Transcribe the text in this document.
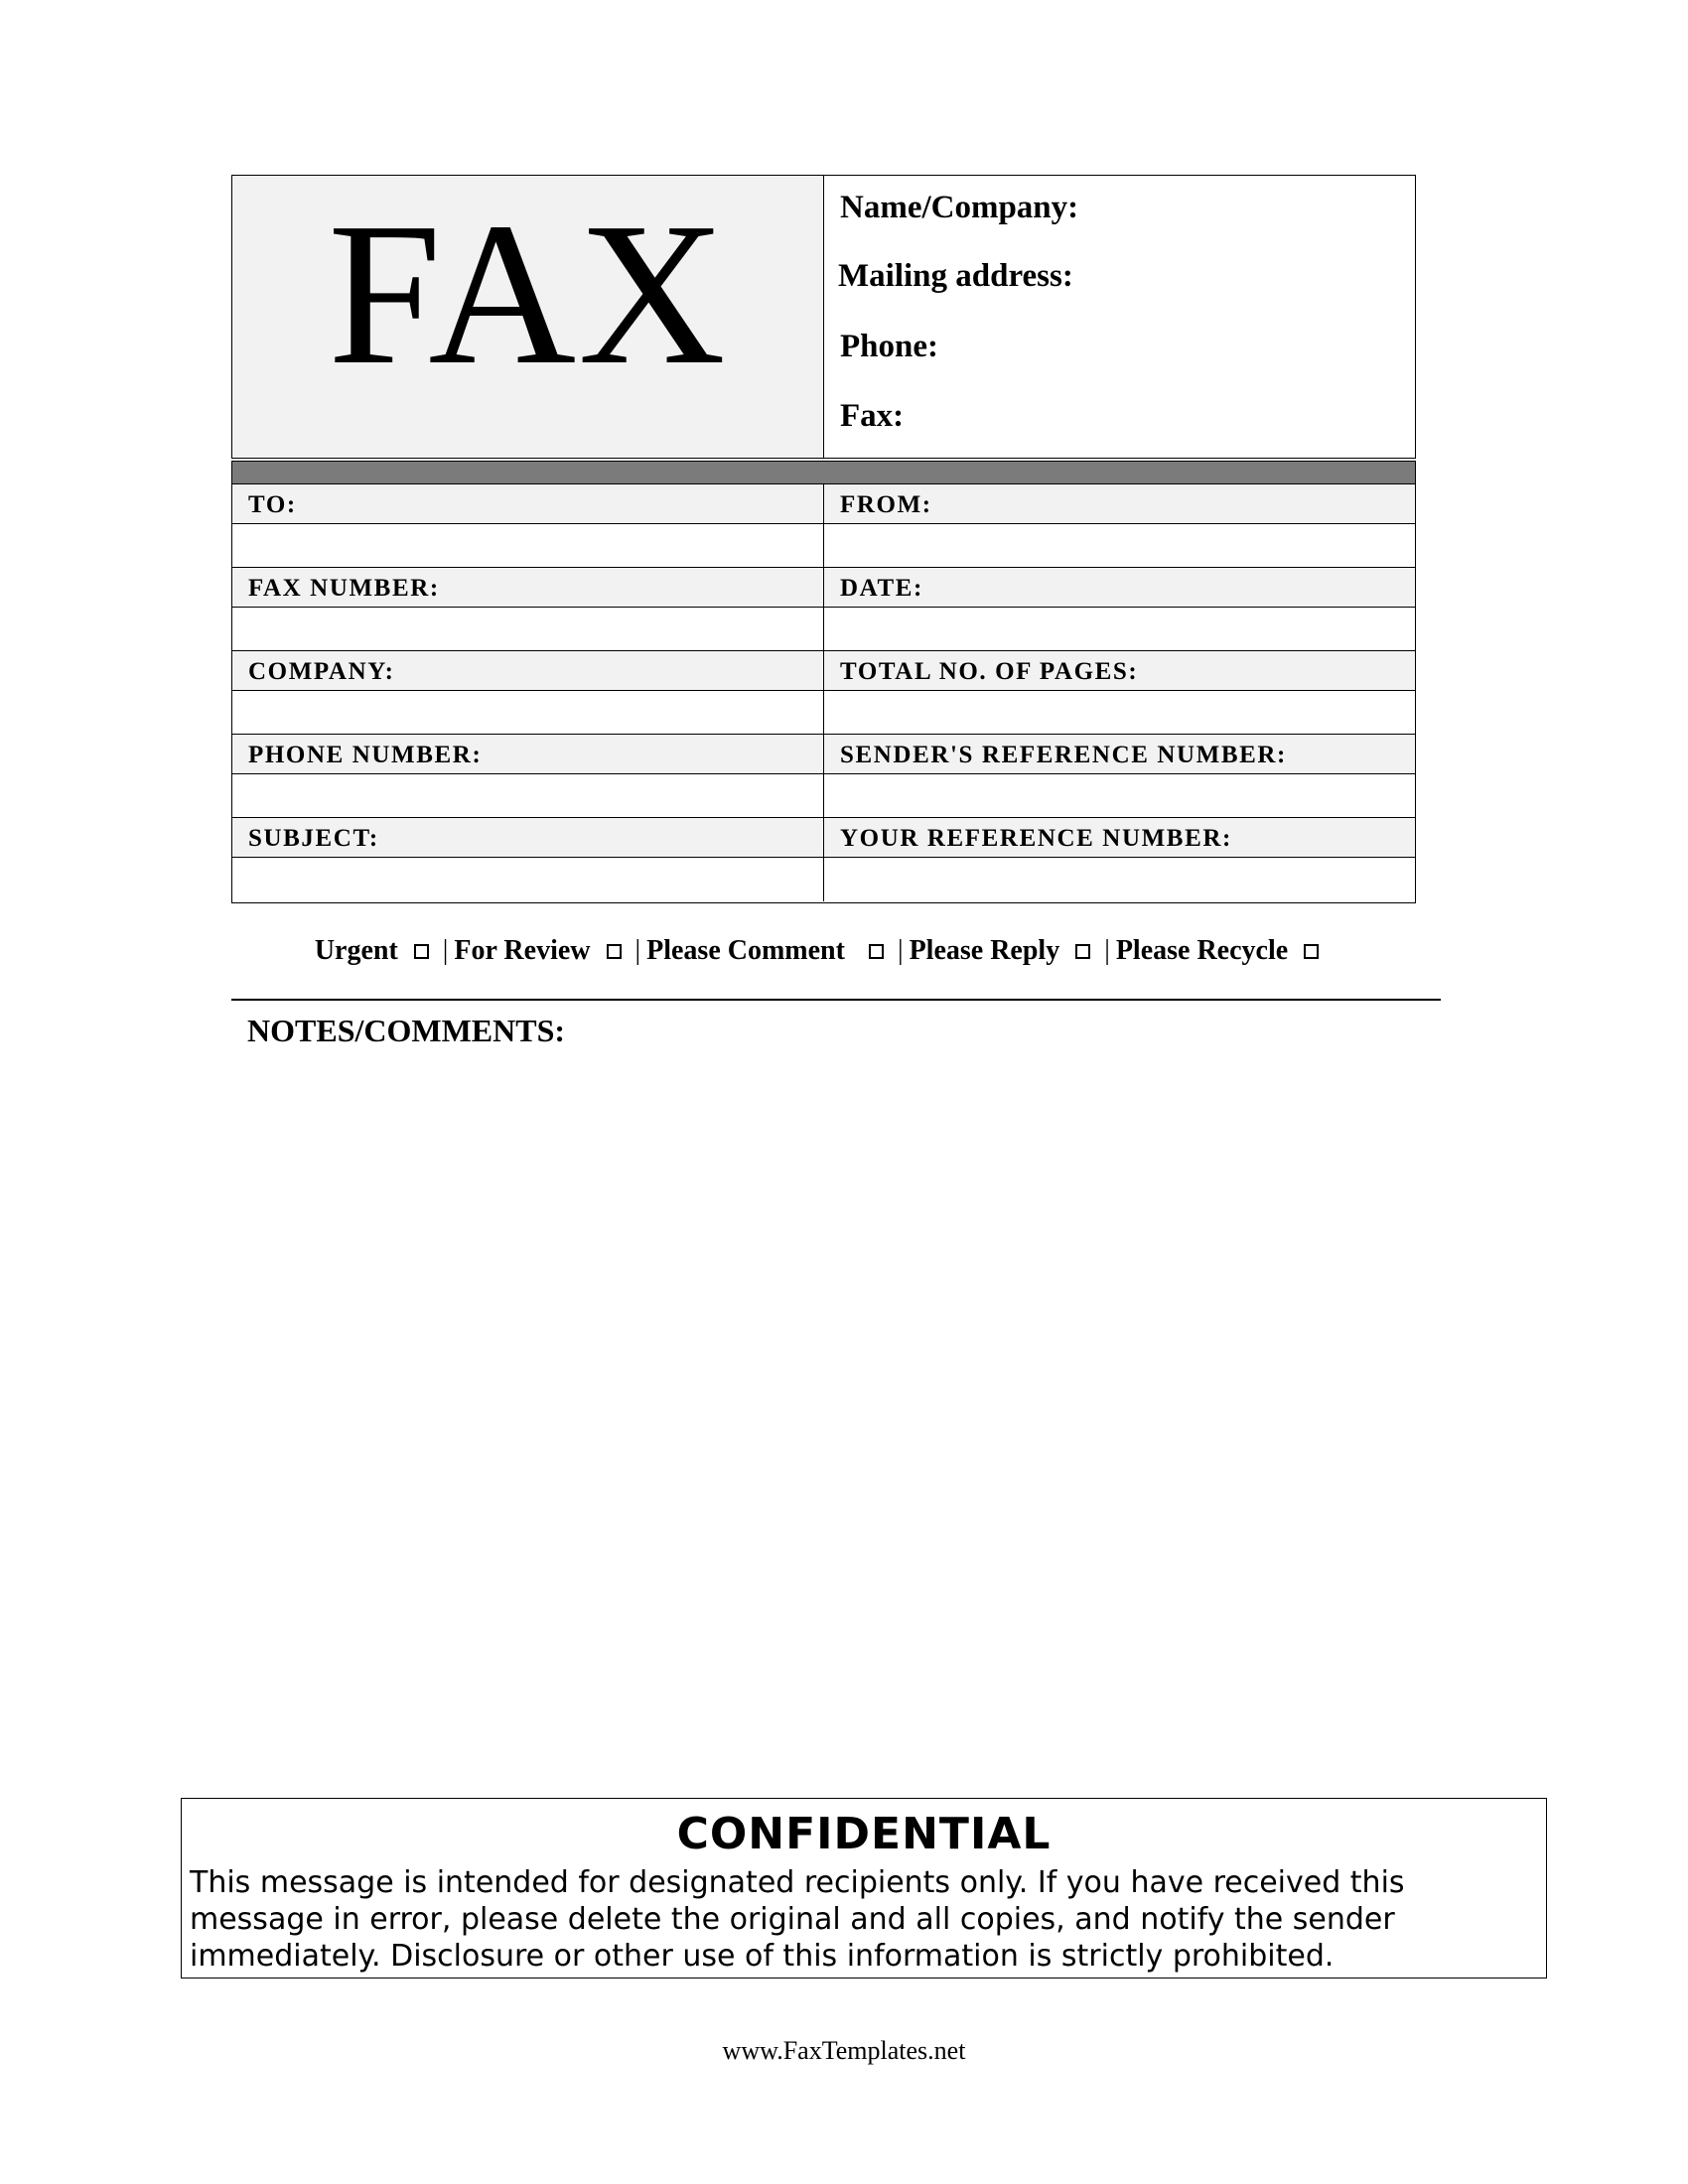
FAX	Name/Company:
Mailing address:
Phone:
Fax:
TO:	FROM:
FAX NUMBER:	DATE:
COMPANY:	TOTAL NO. OF PAGES:
PHONE NUMBER:	SENDER'S REFERENCE NUMBER:
SUBJECT:	YOUR REFERENCE NUMBER:
Urgent | For Review | Please Comment | Please Reply | Please Recycle
NOTES/COMMENTS:
CONFIDENTIAL
This message is intended for designated recipients only. If you have received this message in error, please delete the original and all copies, and notify the sender immediately. Disclosure or other use of this information is strictly prohibited.
www.FaxTemplates.net
